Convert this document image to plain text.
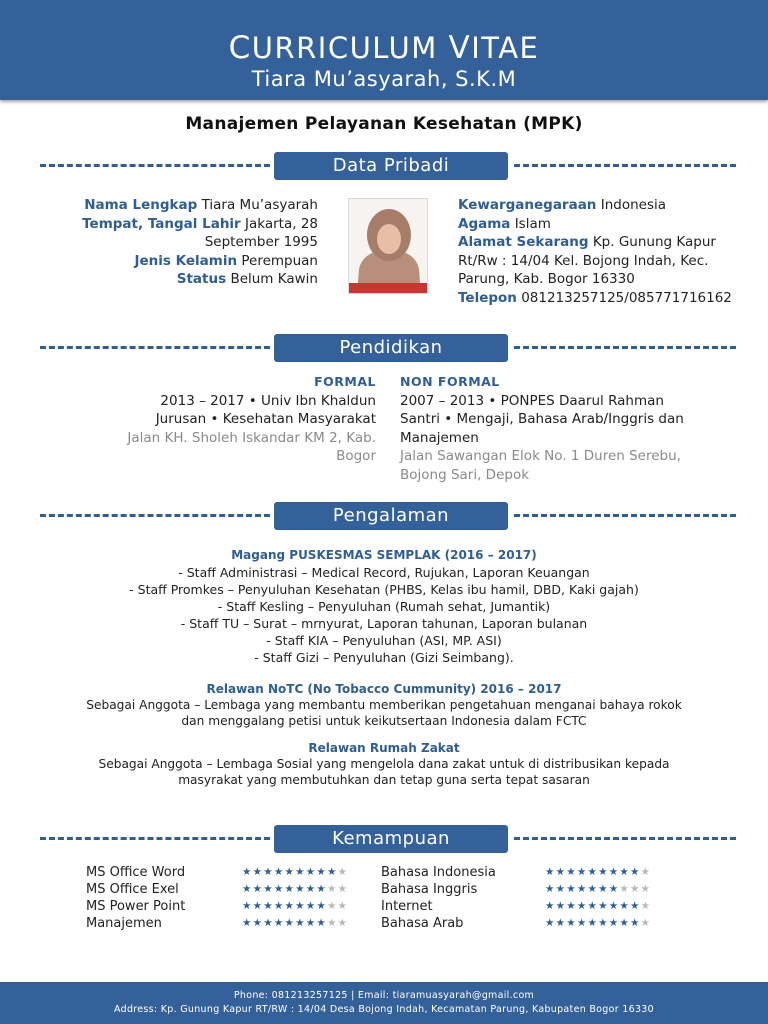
CURRICULUM VITAE
Tiara Mu’asyarah, S.K.M
Manajemen Pelayanan Kesehatan (MPK)
Data Pribadi
Nama Lengkap Tiara Mu’asyarah
Tempat, Tangal Lahir Jakarta, 28
September 1995
Jenis Kelamin Perempuan
Status Belum Kawin
Kewarganegaraan Indonesia
Agama Islam
Alamat Sekarang Kp. Gunung Kapur
Rt/Rw : 14/04 Kel. Bojong Indah, Kec.
Parung, Kab. Bogor 16330
Telepon 081213257125/085771716162
Pendidikan
FORMAL
2013 – 2017 • Univ Ibn Khaldun
Jurusan • Kesehatan Masyarakat
Jalan KH. Sholeh Iskandar KM 2, Kab.
Bogor
NON FORMAL
2007 – 2013 • PONPES Daarul Rahman
Santri • Mengaji, Bahasa Arab/Inggris dan
Manajemen
Jalan Sawangan Elok No. 1 Duren Serebu,
Bojong Sari, Depok
Pengalaman
Magang PUSKESMAS SEMPLAK (2016 – 2017)
- Staff Administrasi – Medical Record, Rujukan, Laporan Keuangan
- Staff Promkes – Penyuluhan Kesehatan (PHBS, Kelas ibu hamil, DBD, Kaki gajah)
- Staff Kesling – Penyuluhan (Rumah sehat, Jumantik)
- Staff TU – Surat – mrnyurat, Laporan tahunan, Laporan bulanan
- Staff KIA – Penyuluhan (ASI, MP. ASI)
- Staff Gizi – Penyuluhan (Gizi Seimbang).
Relawan NoTC (No Tobacco Cummunity) 2016 – 2017
Sebagai Anggota – Lembaga yang membantu memberikan pengetahuan menganai bahaya rokok
dan menggalang petisi untuk keikutsertaan Indonesia dalam FCTC
Relawan Rumah Zakat
Sebagai Anggota – Lembaga Sosial yang mengelola dana zakat untuk di distribusikan kepada
masyrakat yang membutuhkan dan tetap guna serta tepat sasaran
Kemampuan
MS Office Word	★★★★★★★★★★	Bahasa Indonesia	★★★★★★★★★★
MS Office Exel	★★★★★★★★★★	Bahasa Inggris	★★★★★★★★★★
MS Power Point	★★★★★★★★★★	Internet	★★★★★★★★★★
Manajemen	★★★★★★★★★★	Bahasa Arab	★★★★★★★★★★
Phone: 081213257125 | Email: tiaramuasyarah@gmail.com
Address: Kp. Gunung Kapur RT/RW : 14/04 Desa Bojong Indah, Kecamatan Parung, Kabupaten Bogor 16330
